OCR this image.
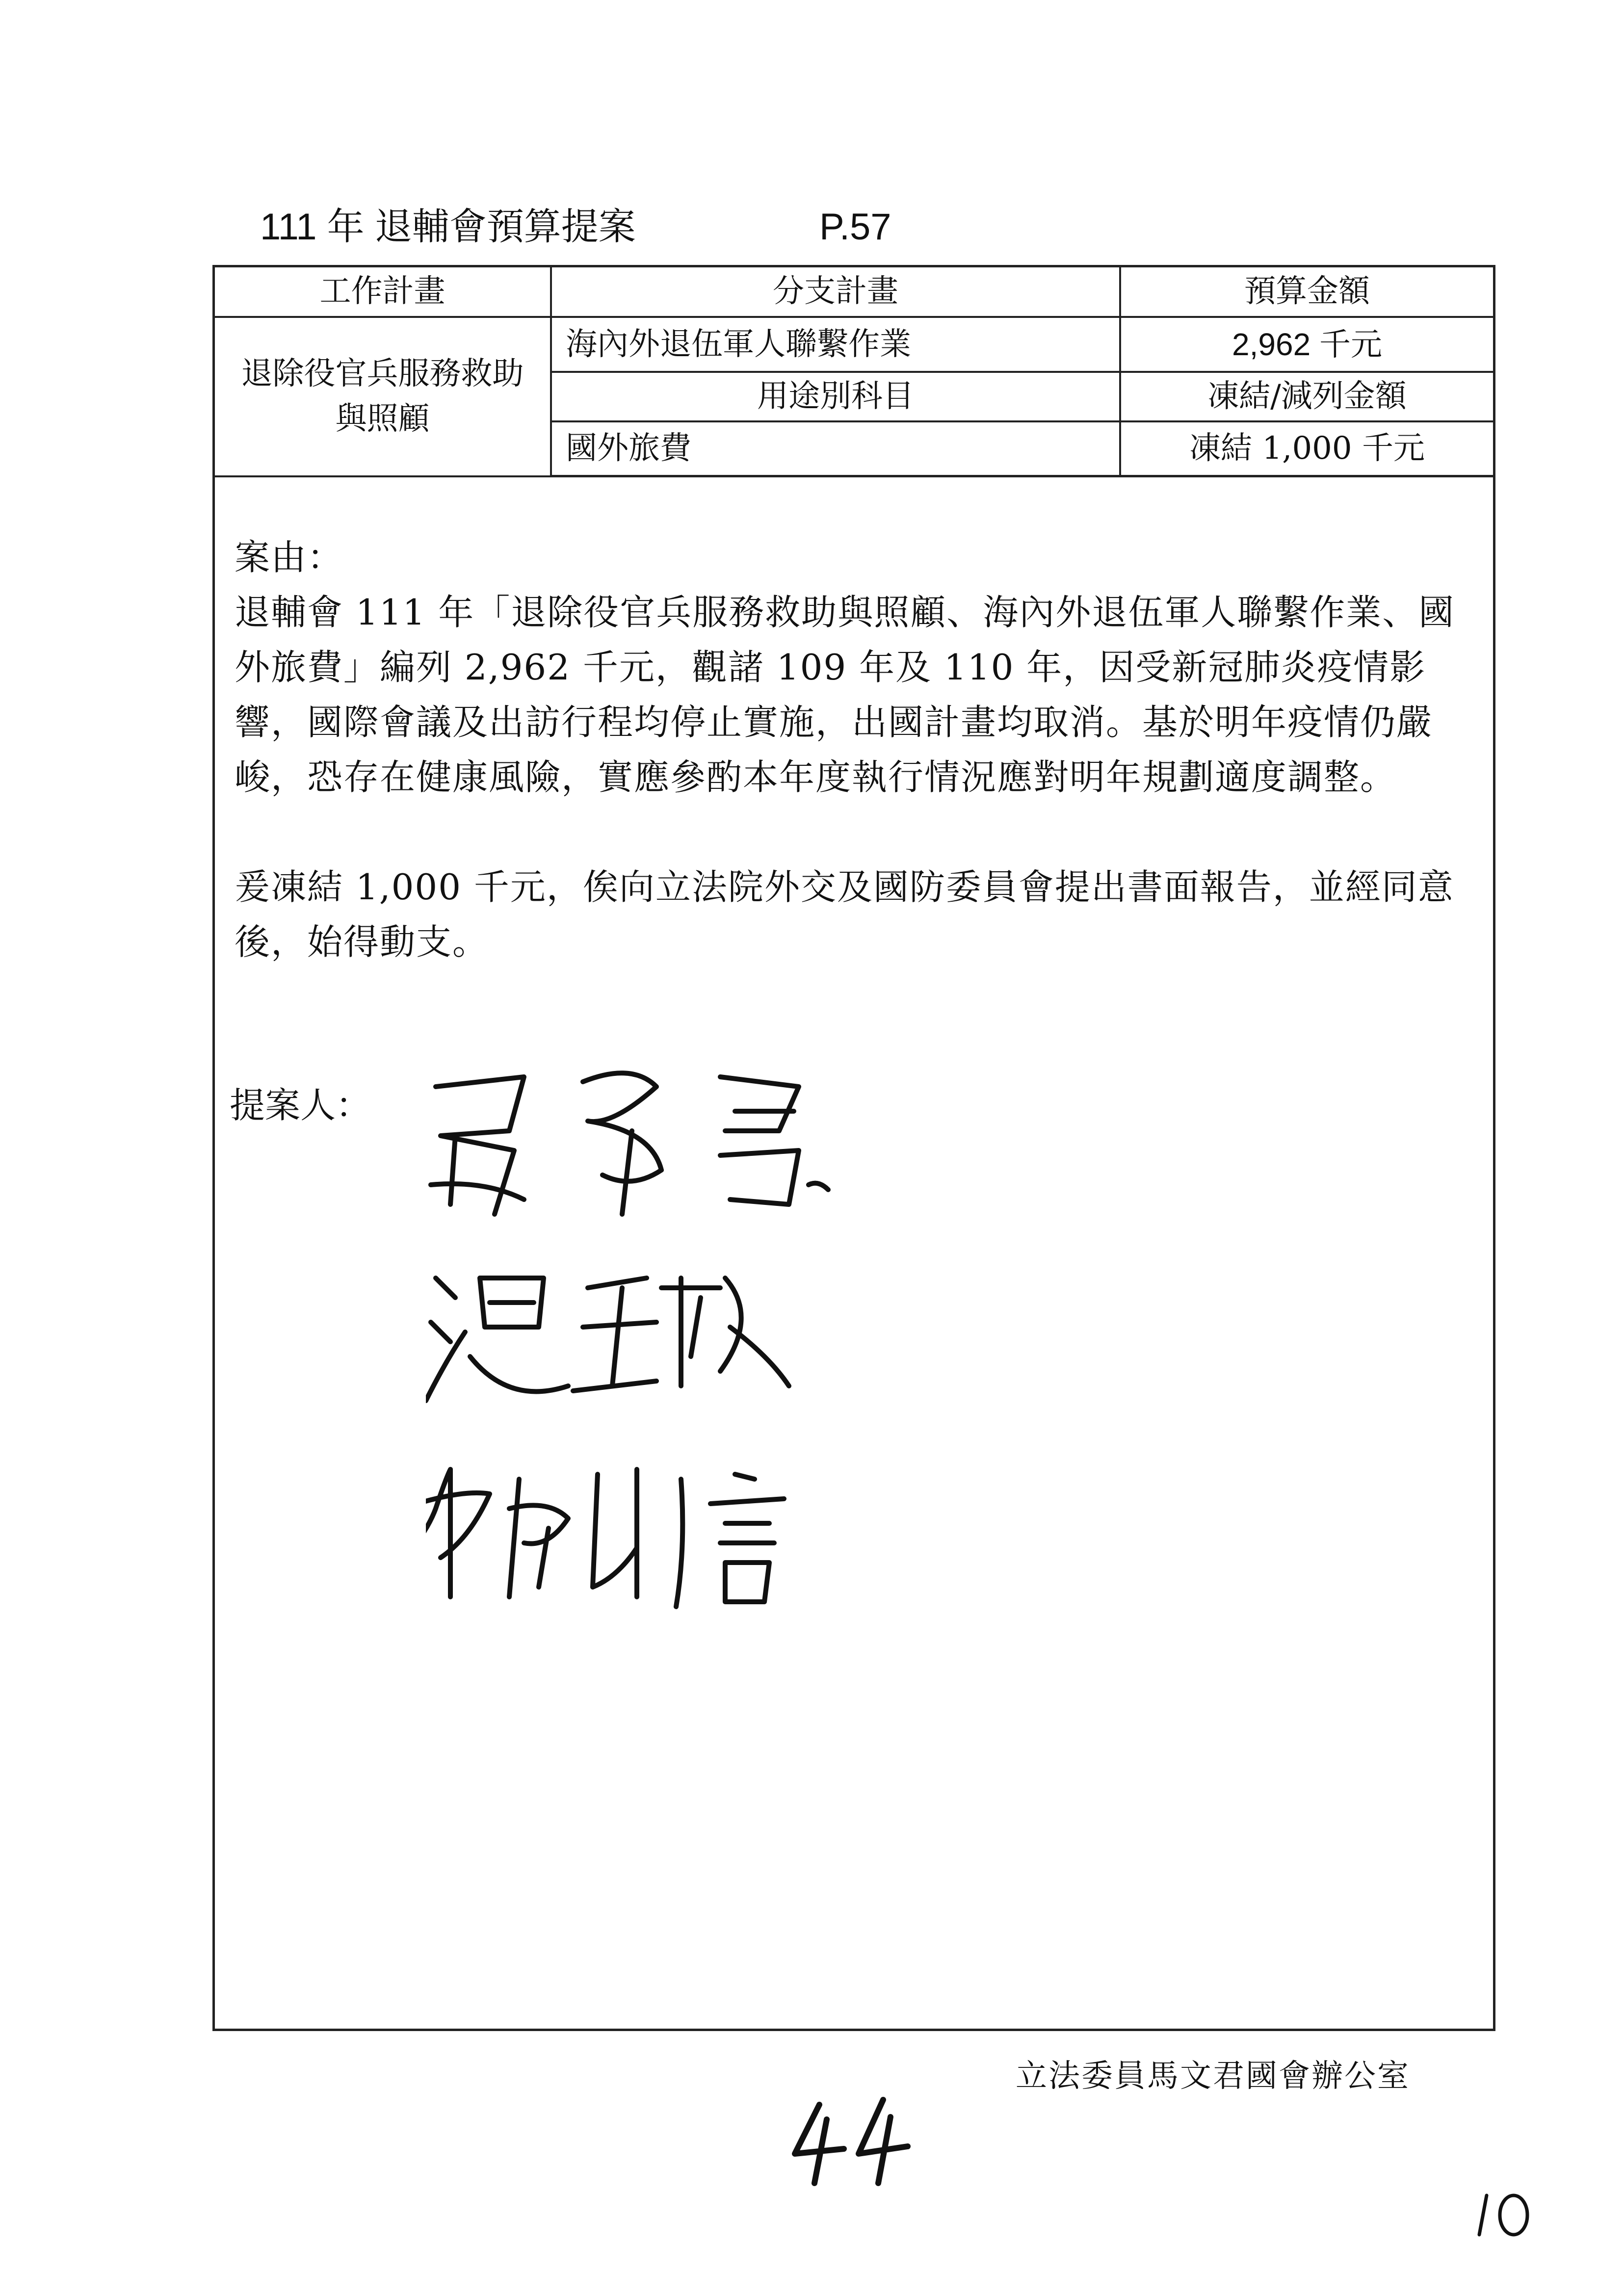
111 年 退輔會預算提案	P.57
工作計畫	分支計畫	預算金額
退除役官兵服務救助與照顧	海內外退伍軍人聯繫作業	2,962 千元
	用途別科目	凍結/減列金額
	國外旅費	凍結 1,000 千元

案由：

退輔會 111 年「退除役官兵服務救助與照顧、海內外退伍軍人聯繫作業、國外旅費」編列 2,962 千元，觀諸 109 年及 110 年，因受新冠肺炎疫情影響，國際會議及出訪行程均停止實施，出國計畫均取消。基於明年疫情仍嚴峻，恐存在健康風險，實應參酌本年度執行情況應對明年規劃適度調整。

爰凍結 1,000 千元，俟向立法院外交及國防委員會提出書面報告，並經同意後，始得動支。

提案人：
立法委員馬文君國會辦公室
